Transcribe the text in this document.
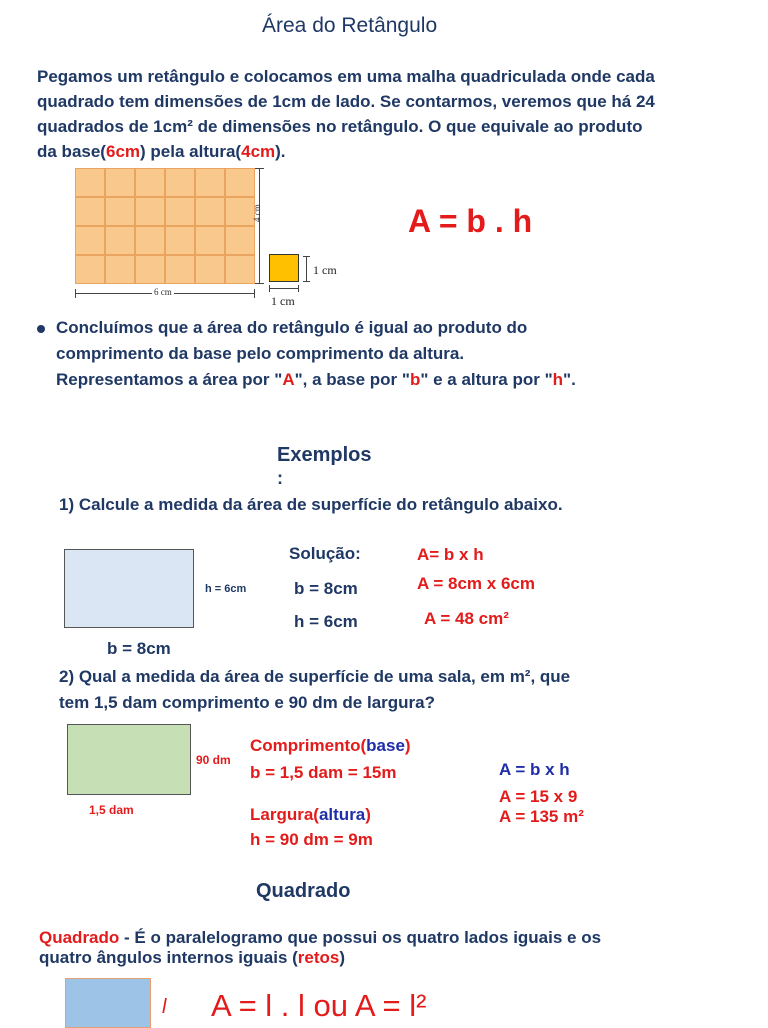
Área do Retângulo
Pegamos um retângulo e colocamos em uma malha quadriculada onde cada
quadrado tem dimensões de 1cm de lado. Se contarmos, veremos que há 24
quadrados de 1cm² de dimensões no retângulo. O que equivale ao produto
da base(6cm) pela altura(4cm).
4 cm
6 cm
1 cm
1 cm
A = b . h
Concluímos que a área do retângulo é igual ao produto do
comprimento da base pelo comprimento da altura.
Representamos a área por "A", a base por "b" e a altura por "h".
Exemplos
:
1) Calcule a medida da área de superfície do retângulo abaixo.
h = 6cm
b = 8cm
Solução:
b = 8cm
h = 6cm
A= b x h
A = 8cm x 6cm
A = 48 cm²
2) Qual a medida da área de superfície de uma sala, em m², que
tem 1,5 dam comprimento e 90 dm de largura?
90 dm
1,5 dam
Comprimento(base)
b = 1,5 dam = 15m
Largura(altura)
h = 90 dm = 9m
A = b x h
A = 15 x 9
A = 135 m²
Quadrado
Quadrado - É o paralelogramo que possui os quatro lados iguais e os
quatro ângulos internos iguais (retos)
l A = l . l ou A = l²
